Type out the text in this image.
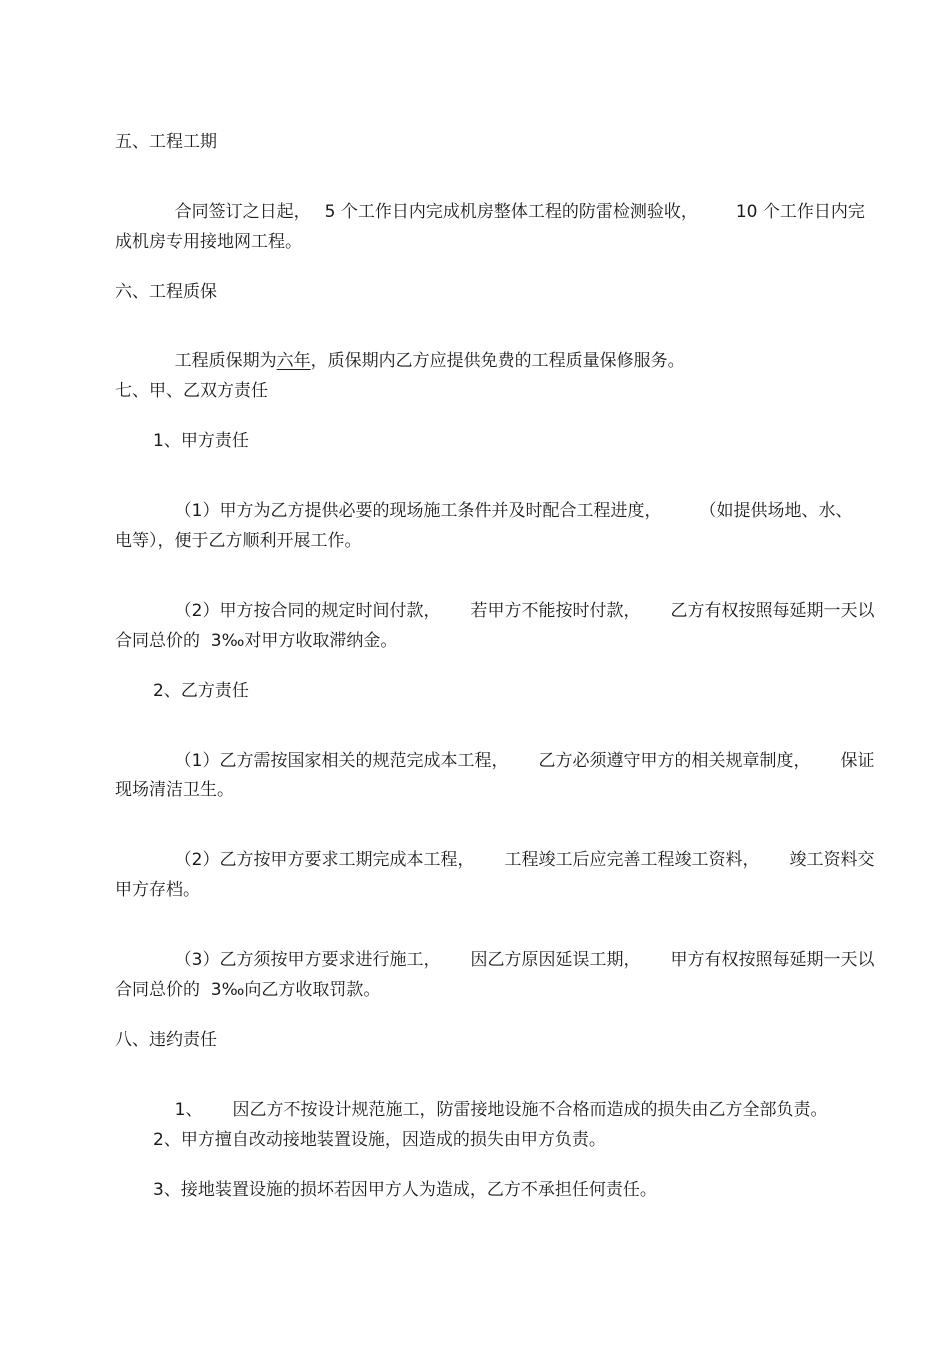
五、工程工期

合同签订之日起， 5 个工作日内完成机房整体工程的防雷检测验收， 10 个工作日内完

成机房专用接地网工程。
六、工程质保

工程质保期为六年，质保期内乙方应提供免费的工程质量保修服务。

七、甲、乙双方责任
1、甲方责任

（1）甲方为乙方提供必要的现场施工条件并及时配合工程进度， （如提供场地、水、

电等），便于乙方顺利开展工作。

（2）甲方按合同的规定时间付款， 若甲方不能按时付款， 乙方有权按照每延期一天以

合同总价的  3‰对甲方收取滞纳金。
2、乙方责任

（1）乙方需按国家相关的规范完成本工程， 乙方必须遵守甲方的相关规章制度， 保证

现场清洁卫生。

（2）乙方按甲方要求工期完成本工程， 工程竣工后应完善工程竣工资料， 竣工资料交

甲方存档。

（3）乙方须按甲方要求进行施工， 因乙方原因延误工期， 甲方有权按照每延期一天以

合同总价的  3‰向乙方收取罚款。
八、违约责任

1、 因乙方不按设计规范施工，防雷接地设施不合格而造成的损失由乙方全部负责。

2、甲方擅自改动接地装置设施，因造成的损失由甲方负责。
3、接地装置设施的损坏若因甲方人为造成，乙方不承担任何责任。
